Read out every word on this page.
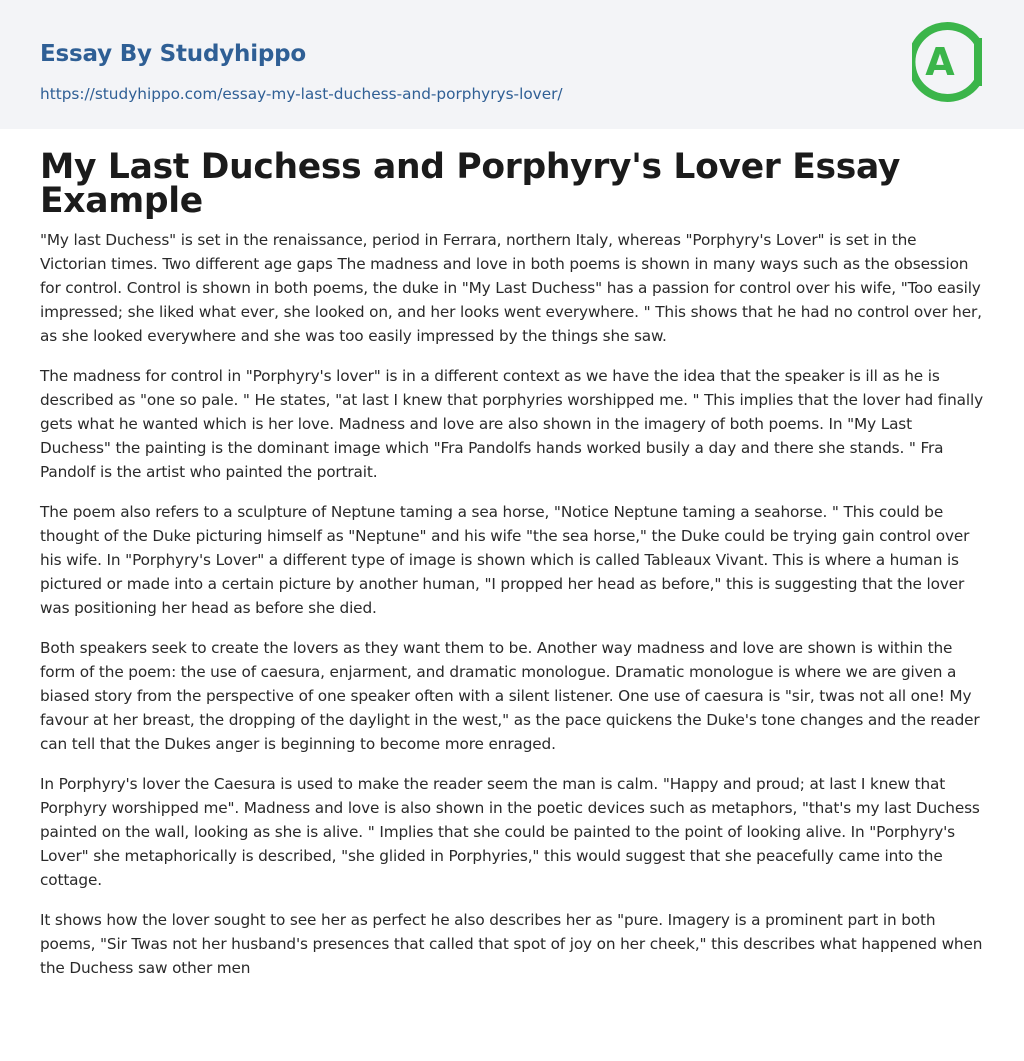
Essay By Studyhippo
https://studyhippo.com/essay-my-last-duchess-and-porphyrys-lover/
A
My Last Duchess and Porphyry's Lover Essay Example

"My last Duchess" is set in the renaissance, period in Ferrara, northern Italy, whereas "Porphyry's Lover" is set in the Victorian times. Two different age gaps The madness and love in both poems is shown in many ways such as the obsession for control. Control is shown in both poems, the duke in "My Last Duchess" has a passion for control over his wife, "Too easily impressed; she liked what ever, she looked on, and her looks went everywhere. " This shows that he had no control over her, as she looked everywhere and she was too easily impressed by the things she saw.

The madness for control in "Porphyry's lover" is in a different context as we have the idea that the speaker is ill as he is described as "one so pale. " He states, "at last I knew that porphyries worshipped me. " This implies that the lover had finally gets what he wanted which is her love. Madness and love are also shown in the imagery of both poems. In "My Last Duchess" the painting is the dominant image which "Fra Pandolfs hands worked busily a day and there she stands. " Fra Pandolf is the artist who painted the portrait.

The poem also refers to a sculpture of Neptune taming a sea horse, "Notice Neptune taming a seahorse. " This could be thought of the Duke picturing himself as "Neptune" and his wife "the sea horse," the Duke could be trying gain control over his wife. In "Porphyry's Lover" a different type of image is shown which is called Tableaux Vivant. This is where a human is pictured or made into a certain picture by another human, "I propped her head as before," this is suggesting that the lover was positioning her head as before she died.

Both speakers seek to create the lovers as they want them to be. Another way madness and love are shown is within the form of the poem: the use of caesura, enjarment, and dramatic monologue. Dramatic monologue is where we are given a biased story from the perspective of one speaker often with a silent listener. One use of caesura is "sir, twas not all one! My favour at her breast, the dropping of the daylight in the west," as the pace quickens the Duke's tone changes and the reader can tell that the Dukes anger is beginning to become more enraged.

In Porphyry's lover the Caesura is used to make the reader seem the man is calm. "Happy and proud; at last I knew that Porphyry worshipped me". Madness and love is also shown in the poetic devices such as metaphors, "that's my last Duchess painted on the wall, looking as she is alive. " Implies that she could be painted to the point of looking alive. In "Porphyry's Lover" she metaphorically is described, "she glided in Porphyries," this would suggest that she peacefully came into the cottage.

It shows how the lover sought to see her as perfect he also describes her as "pure. Imagery is a prominent part in both poems, "Sir Twas not her husband's presences that called that spot of joy on her cheek," this describes what happened when the Duchess saw other men
